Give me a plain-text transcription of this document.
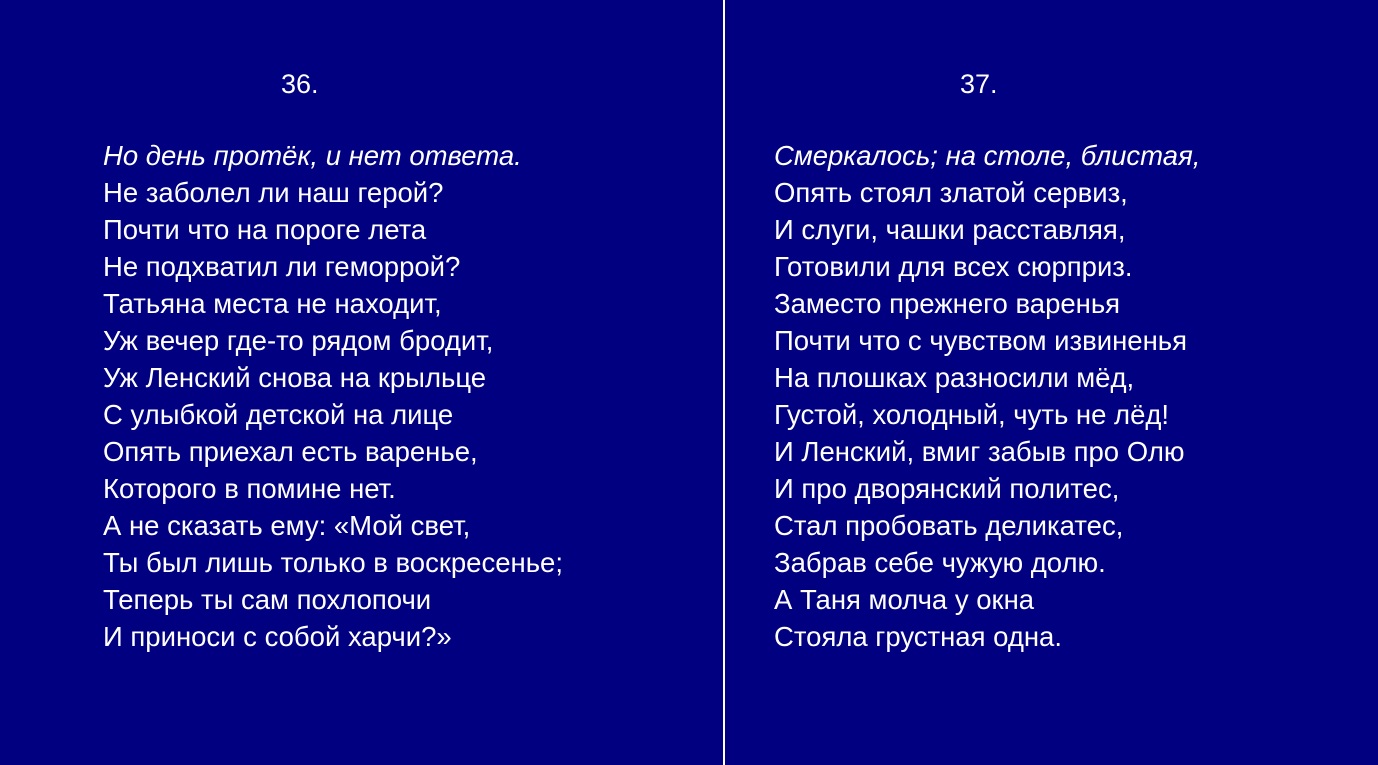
36.
Но день протёк, и нет ответа.
Не заболел ли наш герой?
Почти что на пороге лета
Не подхватил ли геморрой?
Татьяна места не находит,
Уж вечер где-то рядом бродит,
Уж Ленский снова на крыльце
С улыбкой детской на лице
Опять приехал есть варенье,
Которого в помине нет.
А не сказать ему: «Мой свет,
Ты был лишь только в воскресенье;
Теперь ты сам похлопочи
И приноси с собой харчи?»
37.
Смеркалось; на столе, блистая,
Опять стоял златой сервиз,
И слуги, чашки расставляя,
Готовили для всех сюрприз.
Заместо прежнего варенья
Почти что с чувством извиненья
На плошках разносили мёд,
Густой, холодный, чуть не лёд!
И Ленский, вмиг забыв про Олю
И про дворянский политес,
Стал пробовать деликатес,
Забрав себе чужую долю.
А Таня молча у окна
Стояла грустная одна.
